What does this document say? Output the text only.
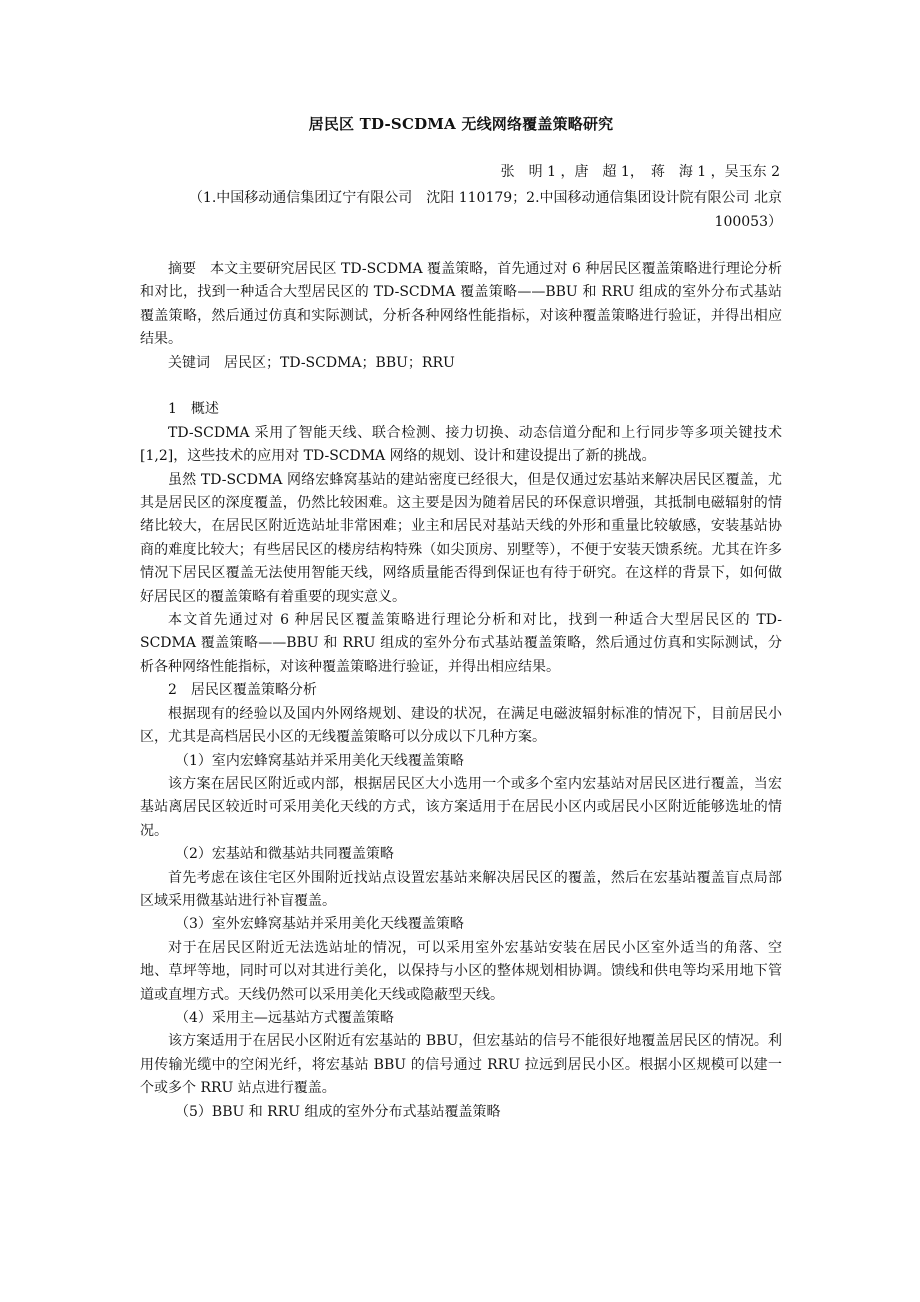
居民区 TD-SCDMA 无线网络覆盖策略研究
张　明 1 ，唐　超 1，　蒋　海 1 ，吴玉东 2
（1.中国移动通信集团辽宁有限公司　沈阳 110179；2.中国移动通信集团设计院有限公司 北京 100053）

摘要　本文主要研究居民区 TD-SCDMA 覆盖策略，首先通过对 6 种居民区覆盖策略进行理论分析和对比，找到一种适合大型居民区的 TD-SCDMA 覆盖策略——BBU 和 RRU 组成的室外分布式基站覆盖策略，然后通过仿真和实际测试，分析各种网络性能指标，对该种覆盖策略进行验证，并得出相应结果。

关键词　居民区；TD-SCDMA；BBU；RRU

1　概述

TD-SCDMA 采用了智能天线、联合检测、接力切换、动态信道分配和上行同步等多项关键技术[1,2]，这些技术的应用对 TD-SCDMA 网络的规划、设计和建设提出了新的挑战。

虽然 TD-SCDMA 网络宏蜂窝基站的建站密度已经很大，但是仅通过宏基站来解决居民区覆盖，尤其是居民区的深度覆盖，仍然比较困难。这主要是因为随着居民的环保意识增强，其抵制电磁辐射的情绪比较大，在居民区附近选站址非常困难；业主和居民对基站天线的外形和重量比较敏感，安装基站协商的难度比较大；有些居民区的楼房结构特殊（如尖顶房、别墅等），不便于安装天馈系统。尤其在许多情况下居民区覆盖无法使用智能天线，网络质量能否得到保证也有待于研究。在这样的背景下，如何做好居民区的覆盖策略有着重要的现实意义。

本文首先通过对 6 种居民区覆盖策略进行理论分析和对比，找到一种适合大型居民区的 TD-SCDMA 覆盖策略——BBU 和 RRU 组成的室外分布式基站覆盖策略，然后通过仿真和实际测试，分析各种网络性能指标，对该种覆盖策略进行验证，并得出相应结果。

2　居民区覆盖策略分析

根据现有的经验以及国内外网络规划、建设的状况，在满足电磁波辐射标准的情况下，目前居民小区，尤其是高档居民小区的无线覆盖策略可以分成以下几种方案。

（1）室内宏蜂窝基站并采用美化天线覆盖策略

该方案在居民区附近或内部，根据居民区大小选用一个或多个室内宏基站对居民区进行覆盖，当宏基站离居民区较近时可采用美化天线的方式，该方案适用于在居民小区内或居民小区附近能够选址的情况。

（2）宏基站和微基站共同覆盖策略

首先考虑在该住宅区外围附近找站点设置宏基站来解决居民区的覆盖，然后在宏基站覆盖盲点局部区域采用微基站进行补盲覆盖。

（3）室外宏蜂窝基站并采用美化天线覆盖策略

对于在居民区附近无法选站址的情况，可以采用室外宏基站安装在居民小区室外适当的角落、空地、草坪等地，同时可以对其进行美化，以保持与小区的整体规划相协调。馈线和供电等均采用地下管道或直埋方式。天线仍然可以采用美化天线或隐蔽型天线。

（4）采用主—远基站方式覆盖策略

该方案适用于在居民小区附近有宏基站的 BBU，但宏基站的信号不能很好地覆盖居民区的情况。利用传输光缆中的空闲光纤，将宏基站 BBU 的信号通过 RRU 拉远到居民小区。根据小区规模可以建一个或多个 RRU 站点进行覆盖。

（5）BBU 和 RRU 组成的室外分布式基站覆盖策略
